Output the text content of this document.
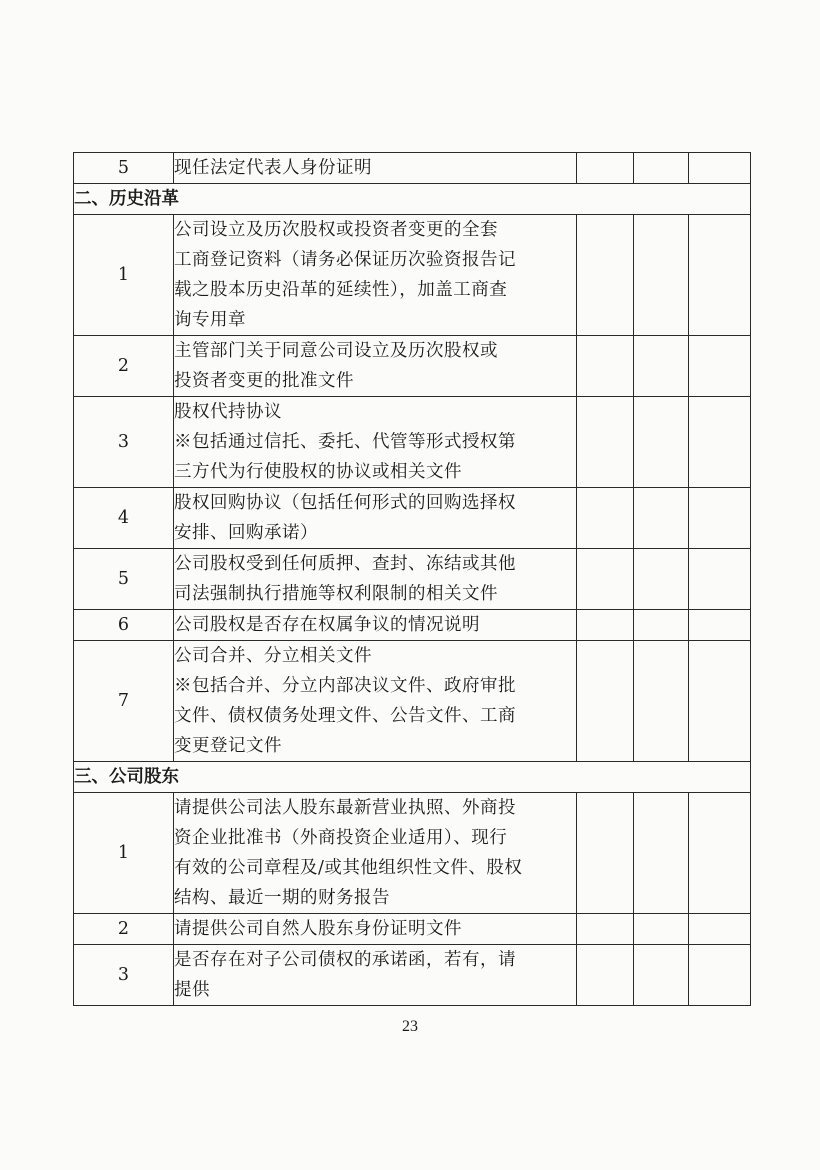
5	现任法定代表人身份证明			

二、历史沿革				
1	公司设立及历次股权或投资者变更的全套
工商登记资料（请务必保证历次验资报告记
载之股本历史沿革的延续性），加盖工商查
询专用章			

2	主管部门关于同意公司设立及历次股权或
投资者变更的批准文件			

3	股权代持协议
※包括通过信托、委托、代管等形式授权第
三方代为行使股权的协议或相关文件			

4	股权回购协议（包括任何形式的回购选择权
安排、回购承诺）			

5	公司股权受到任何质押、查封、冻结或其他
司法强制执行措施等权利限制的相关文件			

6	公司股权是否存在权属争议的情况说明			

7	公司合并、分立相关文件
※包括合并、分立内部决议文件、政府审批
文件、债权债务处理文件、公告文件、工商
变更登记文件			

三、公司股东				
1	请提供公司法人股东最新营业执照、外商投
资企业批准书（外商投资企业适用）、现行
有效的公司章程及/或其他组织性文件、股权
结构、最近一期的财务报告			

2	请提供公司自然人股东身份证明文件			

3	是否存在对子公司债权的承诺函，若有，请
提供			

23
